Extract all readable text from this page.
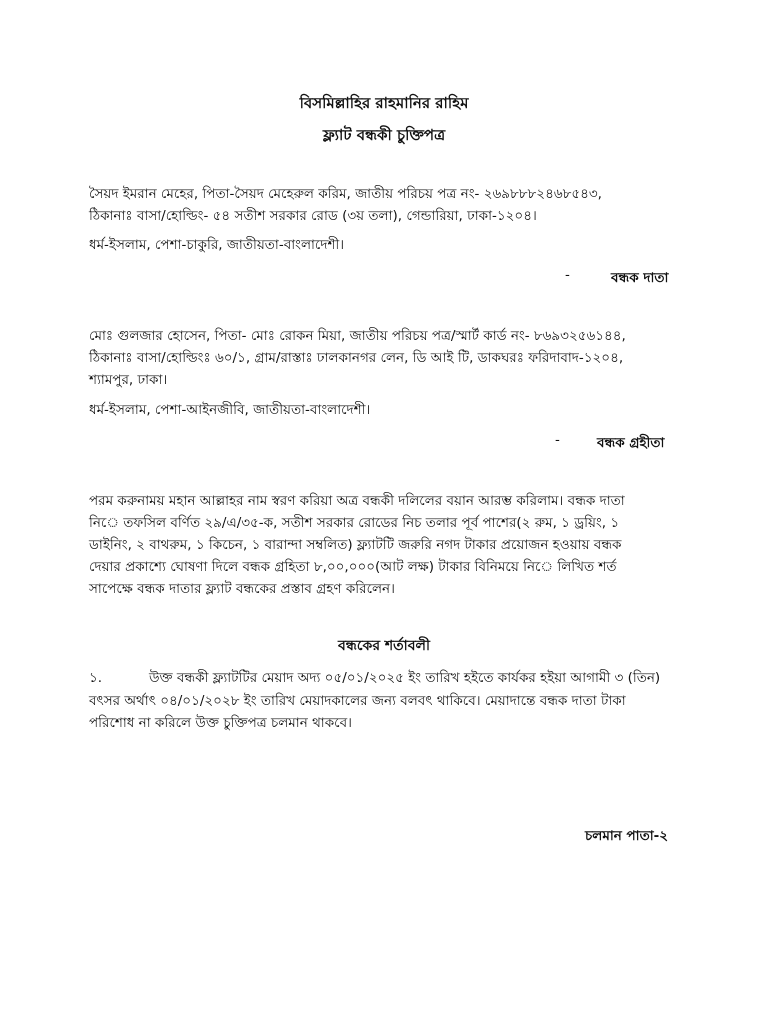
বিসমিল্লাহির রাহমানির রাহিম
ফ্ল্যাট বন্ধকী চুক্তিপত্র
সৈয়দ ইমরান মেহের, পিতা-সৈয়দ মেহেরুল করিম, জাতীয় পরিচয় পত্র নং- ২৬৯৮৮৮২৪৬৮৫৪৩,
ঠিকানাঃ বাসা/হোল্ডিং- ৫৪ সতীশ সরকার রোড (৩য় তলা), গেন্ডারিয়া, ঢাকা-১২০৪।
ধর্ম-ইসলাম, পেশা-চাকুরি, জাতীয়তা-বাংলাদেশী।
-	বন্ধক দাতা
মোঃ গুলজার হোসেন, পিতা- মোঃ রোকন মিয়া, জাতীয় পরিচয় পত্র/স্মার্ট কার্ড নং- ৮৬৯৩২৫৬১৪৪,
ঠিকানাঃ বাসা/হোল্ডিংঃ ৬০/১, গ্রাম/রাস্তাঃ ঢালকানগর লেন, ডি আই টি, ডাকঘরঃ ফরিদাবাদ-১২০৪,
শ্যামপুর, ঢাকা।
ধর্ম-ইসলাম, পেশা-আইনজীবি, জাতীয়তা-বাংলাদেশী।
-	বন্ধক গ্রহীতা
পরম করুনাময় মহান আল্লাহর নাম স্বরণ করিয়া অত্র বন্ধকী দলিলের বয়ান আরম্ভ করিলাম। বন্ধক দাতা
নি◌ে তফসিল বর্ণিত ২৯/এ/৩৫-ক, সতীশ সরকার রোডের নিচ তলার পূর্ব পাশের(২ রুম, ১ ড্রয়িং, ১
ডাইনিং, ২ বাথরুম, ১ কিচেন, ১ বারান্দা সম্বলিত) ফ্ল্যাটটি জরুরি নগদ টাকার প্রয়োজন হওয়ায় বন্ধক
দেয়ার প্রকাশ্যে ঘোষণা দিলে বন্ধক গ্রহিতা ৮,০০,০০০(আট লক্ষ) টাকার বিনিময়ে নি◌ে লিখিত শর্ত
সাপেক্ষে বন্ধক দাতার ফ্ল্যাট বন্ধকের প্রস্তাব গ্রহণ করিলেন।
বন্ধকের শর্তাবলী
১.	উক্ত বন্ধকী ফ্ল্যাটটির মেয়াদ অদ্য ০৫/০১/২০২৫ ইং তারিখ হইতে কার্যকর হইয়া আগামী ৩ (তিন)
বৎসর অর্থাৎ ০৪/০১/২০২৮ ইং তারিখ মেয়াদকালের জন্য বলবৎ থাকিবে। মেয়াদান্তে বন্ধক দাতা টাকা
পরিশোধ না করিলে উক্ত চুক্তিপত্র চলমান থাকবে।
চলমান পাতা-২
